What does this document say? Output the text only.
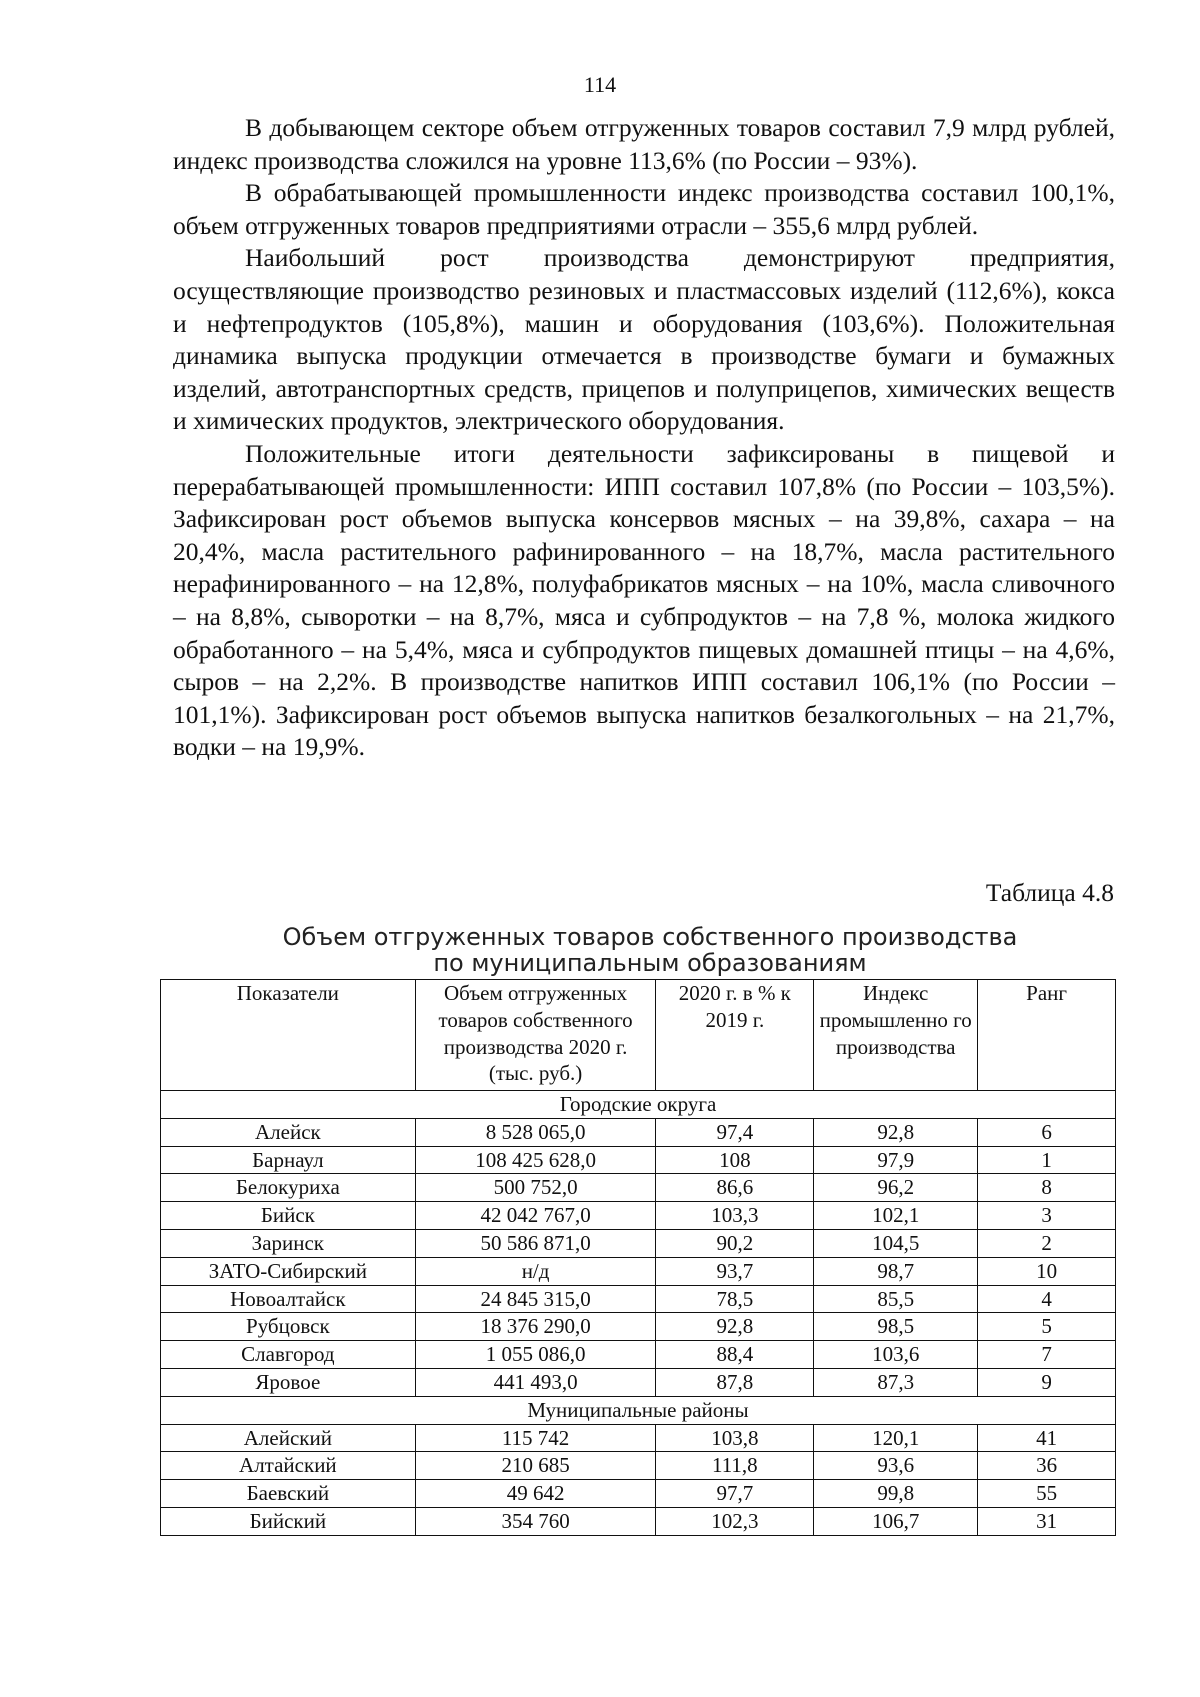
114

В добывающем секторе объем отгруженных товаров составил 7,9 млрд рублей, индекс производства сложился на уровне 113,6% (по России – 93%).

В обрабатывающей промышленности индекс производства составил 100,1%, объем отгруженных товаров предприятиями отрасли – 355,6 млрд рублей.

Наибольший рост производства демонстрируют предприятия, осуществляющие производство резиновых и пластмассовых изделий (112,6%), кокса и нефтепродуктов (105,8%), машин и оборудования (103,6%). Положительная динамика выпуска продукции отмечается в производстве бумаги и бумажных изделий, автотранспортных средств, прицепов и полуприцепов, химических веществ и химических продуктов, электрического оборудования.

Положительные итоги деятельности зафиксированы в пищевой и перерабатывающей промышленности: ИПП составил 107,8% (по России – 103,5%). Зафиксирован рост объемов выпуска консервов мясных – на 39,8%, сахара – на 20,4%, масла растительного рафинированного – на 18,7%, масла растительного нерафинированного – на 12,8%, полуфабрикатов мясных – на 10%, масла сливочного – на 8,8%, сыворотки – на 8,7%, мяса и субпродуктов – на 7,8 %, молока жидкого обработанного – на 5,4%, мяса и субпродуктов пищевых домашней птицы – на 4,6%, сыров – на 2,2%. В производстве напитков ИПП составил 106,1% (по России – 101,1%). Зафиксирован рост объемов выпуска напитков безалкогольных – на 21,7%, водки – на 19,9%.

Таблица 4.8
Объем отгруженных товаров собственного производства
по муниципальным образованиям
Показатели	Объем отгруженных товаров собственного производства 2020 г. (тыс. руб.)	2020 г. в % к 2019 г.	Индекс промышленно го производства	Ранг
Городские округа				
Алейск	8 528 065,0	97,4	92,8	6
Барнаул	108 425 628,0	108	97,9	1
Белокуриха	500 752,0	86,6	96,2	8
Бийск	42 042 767,0	103,3	102,1	3
Заринск	50 586 871,0	90,2	104,5	2
ЗАТО-Сибирский	н/д	93,7	98,7	10
Новоалтайск	24 845 315,0	78,5	85,5	4
Рубцовск	18 376 290,0	92,8	98,5	5
Славгород	1 055 086,0	88,4	103,6	7
Яровое	441 493,0	87,8	87,3	9
Муниципальные районы				
Алейский	115 742	103,8	120,1	41
Алтайский	210 685	111,8	93,6	36
Баевский	49 642	97,7	99,8	55
Бийский	354 760	102,3	106,7	31
